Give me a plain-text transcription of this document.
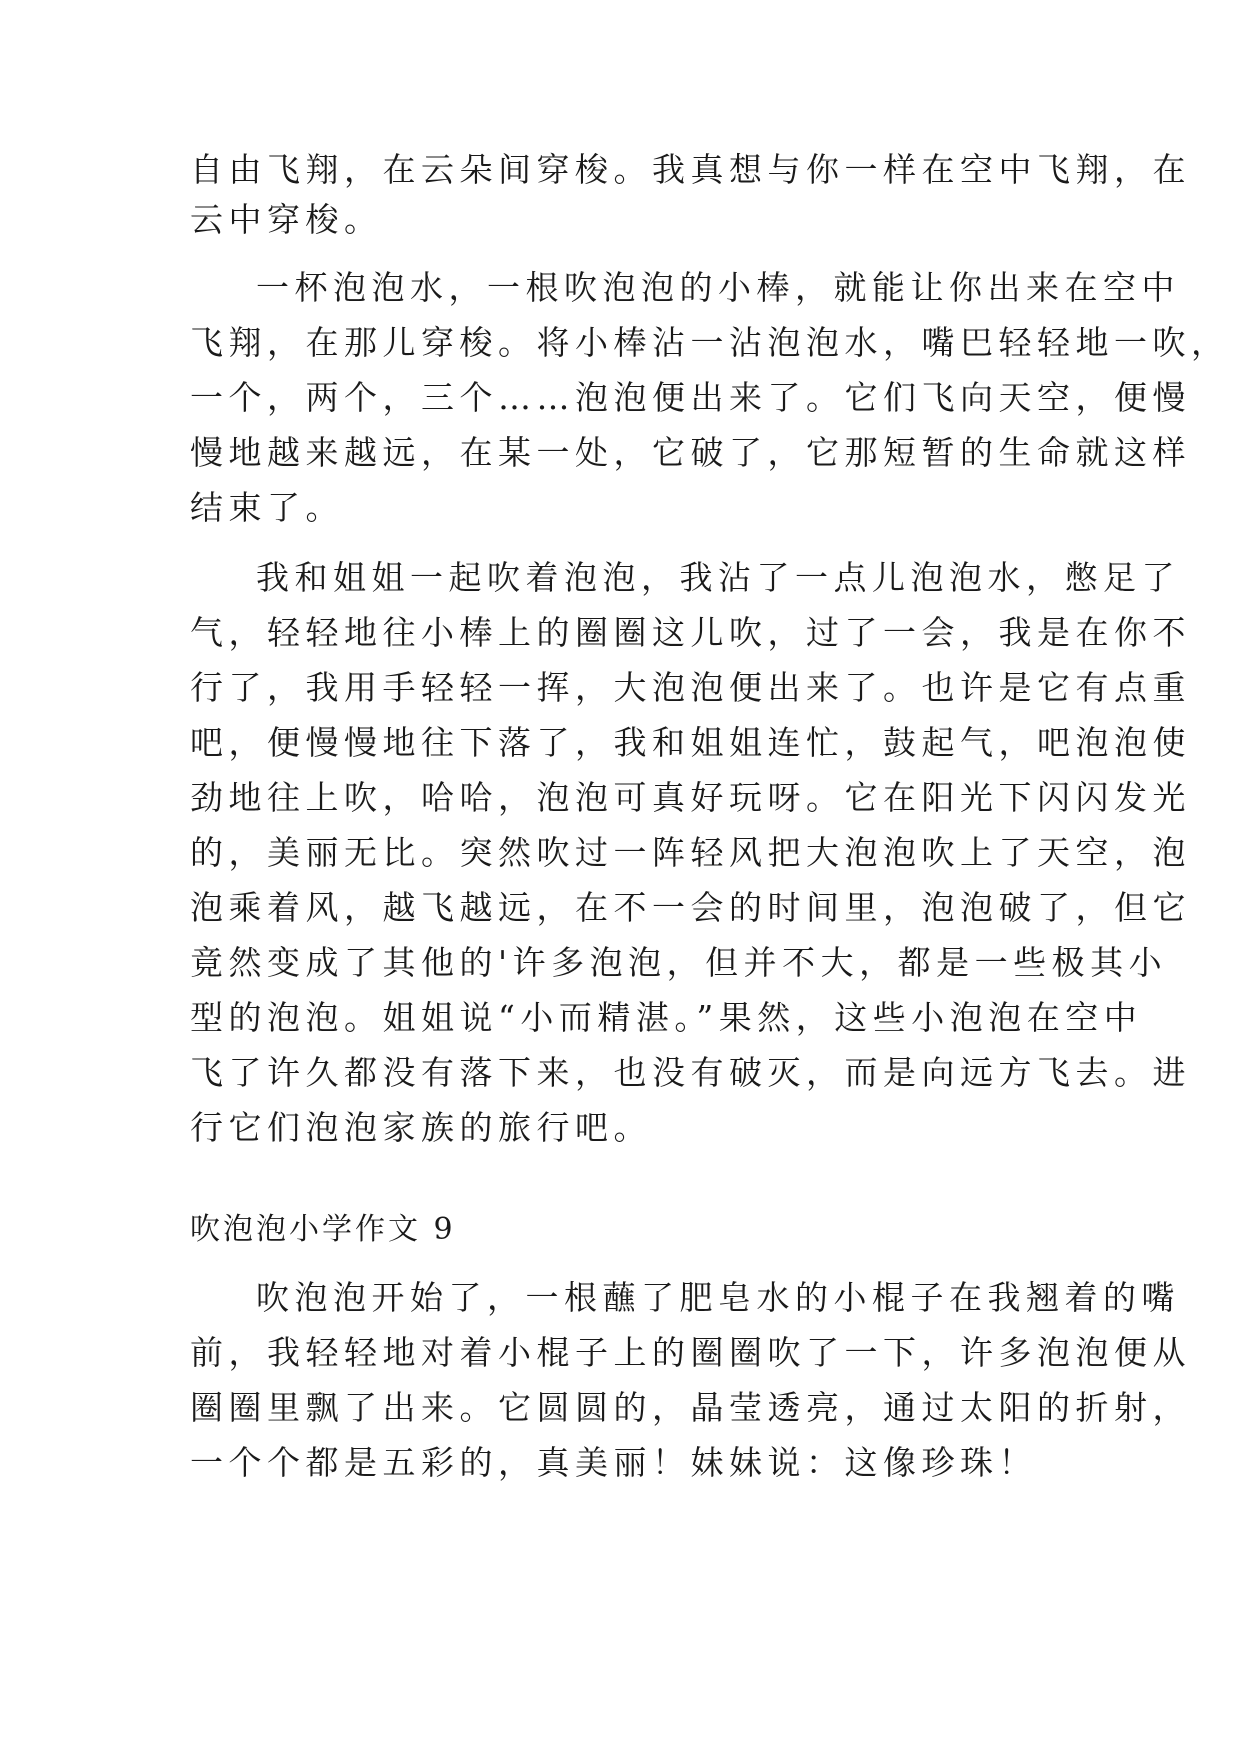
自由飞翔，在云朵间穿梭。我真想与你一样在空中飞翔，在
云中穿梭。
一杯泡泡水，一根吹泡泡的小棒，就能让你出来在空中
飞翔，在那儿穿梭。将小棒沾一沾泡泡水，嘴巴轻轻地一吹，
一个，两个，三个……泡泡便出来了。它们飞向天空，便慢
慢地越来越远，在某一处，它破了，它那短暂的生命就这样
结束了。
我和姐姐一起吹着泡泡，我沾了一点儿泡泡水，憋足了
气，轻轻地往小棒上的圈圈这儿吹，过了一会，我是在你不
行了，我用手轻轻一挥，大泡泡便出来了。也许是它有点重
吧，便慢慢地往下落了，我和姐姐连忙，鼓起气，吧泡泡使
劲地往上吹，哈哈，泡泡可真好玩呀。它在阳光下闪闪发光
的，美丽无比。突然吹过一阵轻风把大泡泡吹上了天空，泡
泡乘着风，越飞越远，在不一会的时间里，泡泡破了，但它
竟然变成了其他的'许多泡泡，但并不大，都是一些极其小
型的泡泡。姐姐说“小而精湛。”果然，这些小泡泡在空中
飞了许久都没有落下来，也没有破灭，而是向远方飞去。进
行它们泡泡家族的旅行吧。
吹泡泡小学作文 9
吹泡泡开始了，一根蘸了肥皂水的小棍子在我翘着的嘴
前，我轻轻地对着小棍子上的圈圈吹了一下，许多泡泡便从
圈圈里飘了出来。它圆圆的，晶莹透亮，通过太阳的折射，
一个个都是五彩的，真美丽！妹妹说：这像珍珠！
